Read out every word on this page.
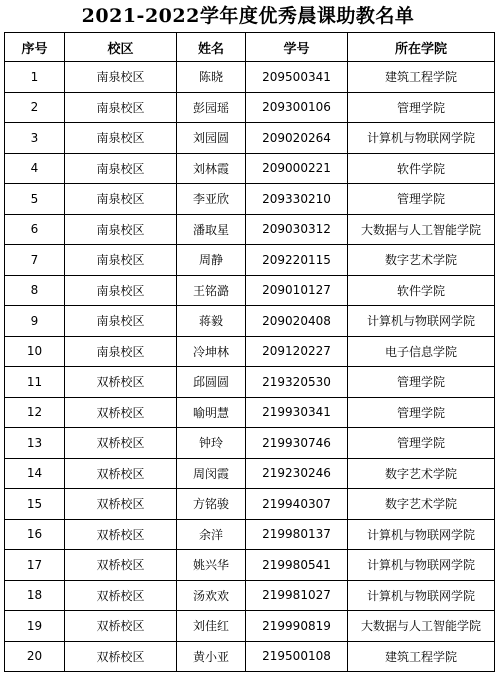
2021-2022学年度优秀晨课助教名单
序号	校区	姓名	学号	所在学院
1	南泉校区	陈晓	209500341	建筑工程学院
2	南泉校区	彭园瑶	209300106	管理学院
3	南泉校区	刘园圆	209020264	计算机与物联网学院
4	南泉校区	刘林霞	209000221	软件学院
5	南泉校区	李亚欣	209330210	管理学院
6	南泉校区	潘取星	209030312	大数据与人工智能学院
7	南泉校区	周静	209220115	数字艺术学院
8	南泉校区	王铭潞	209010127	软件学院
9	南泉校区	蒋毅	209020408	计算机与物联网学院
10	南泉校区	冷坤林	209120227	电子信息学院
11	双桥校区	邱圆圆	219320530	管理学院
12	双桥校区	喻明慧	219930341	管理学院
13	双桥校区	钟玲	219930746	管理学院
14	双桥校区	周闵霞	219230246	数字艺术学院
15	双桥校区	方铭骏	219940307	数字艺术学院
16	双桥校区	余洋	219980137	计算机与物联网学院
17	双桥校区	姚兴华	219980541	计算机与物联网学院
18	双桥校区	汤欢欢	219981027	计算机与物联网学院
19	双桥校区	刘佳红	219990819	大数据与人工智能学院
20	双桥校区	黄小亚	219500108	建筑工程学院
